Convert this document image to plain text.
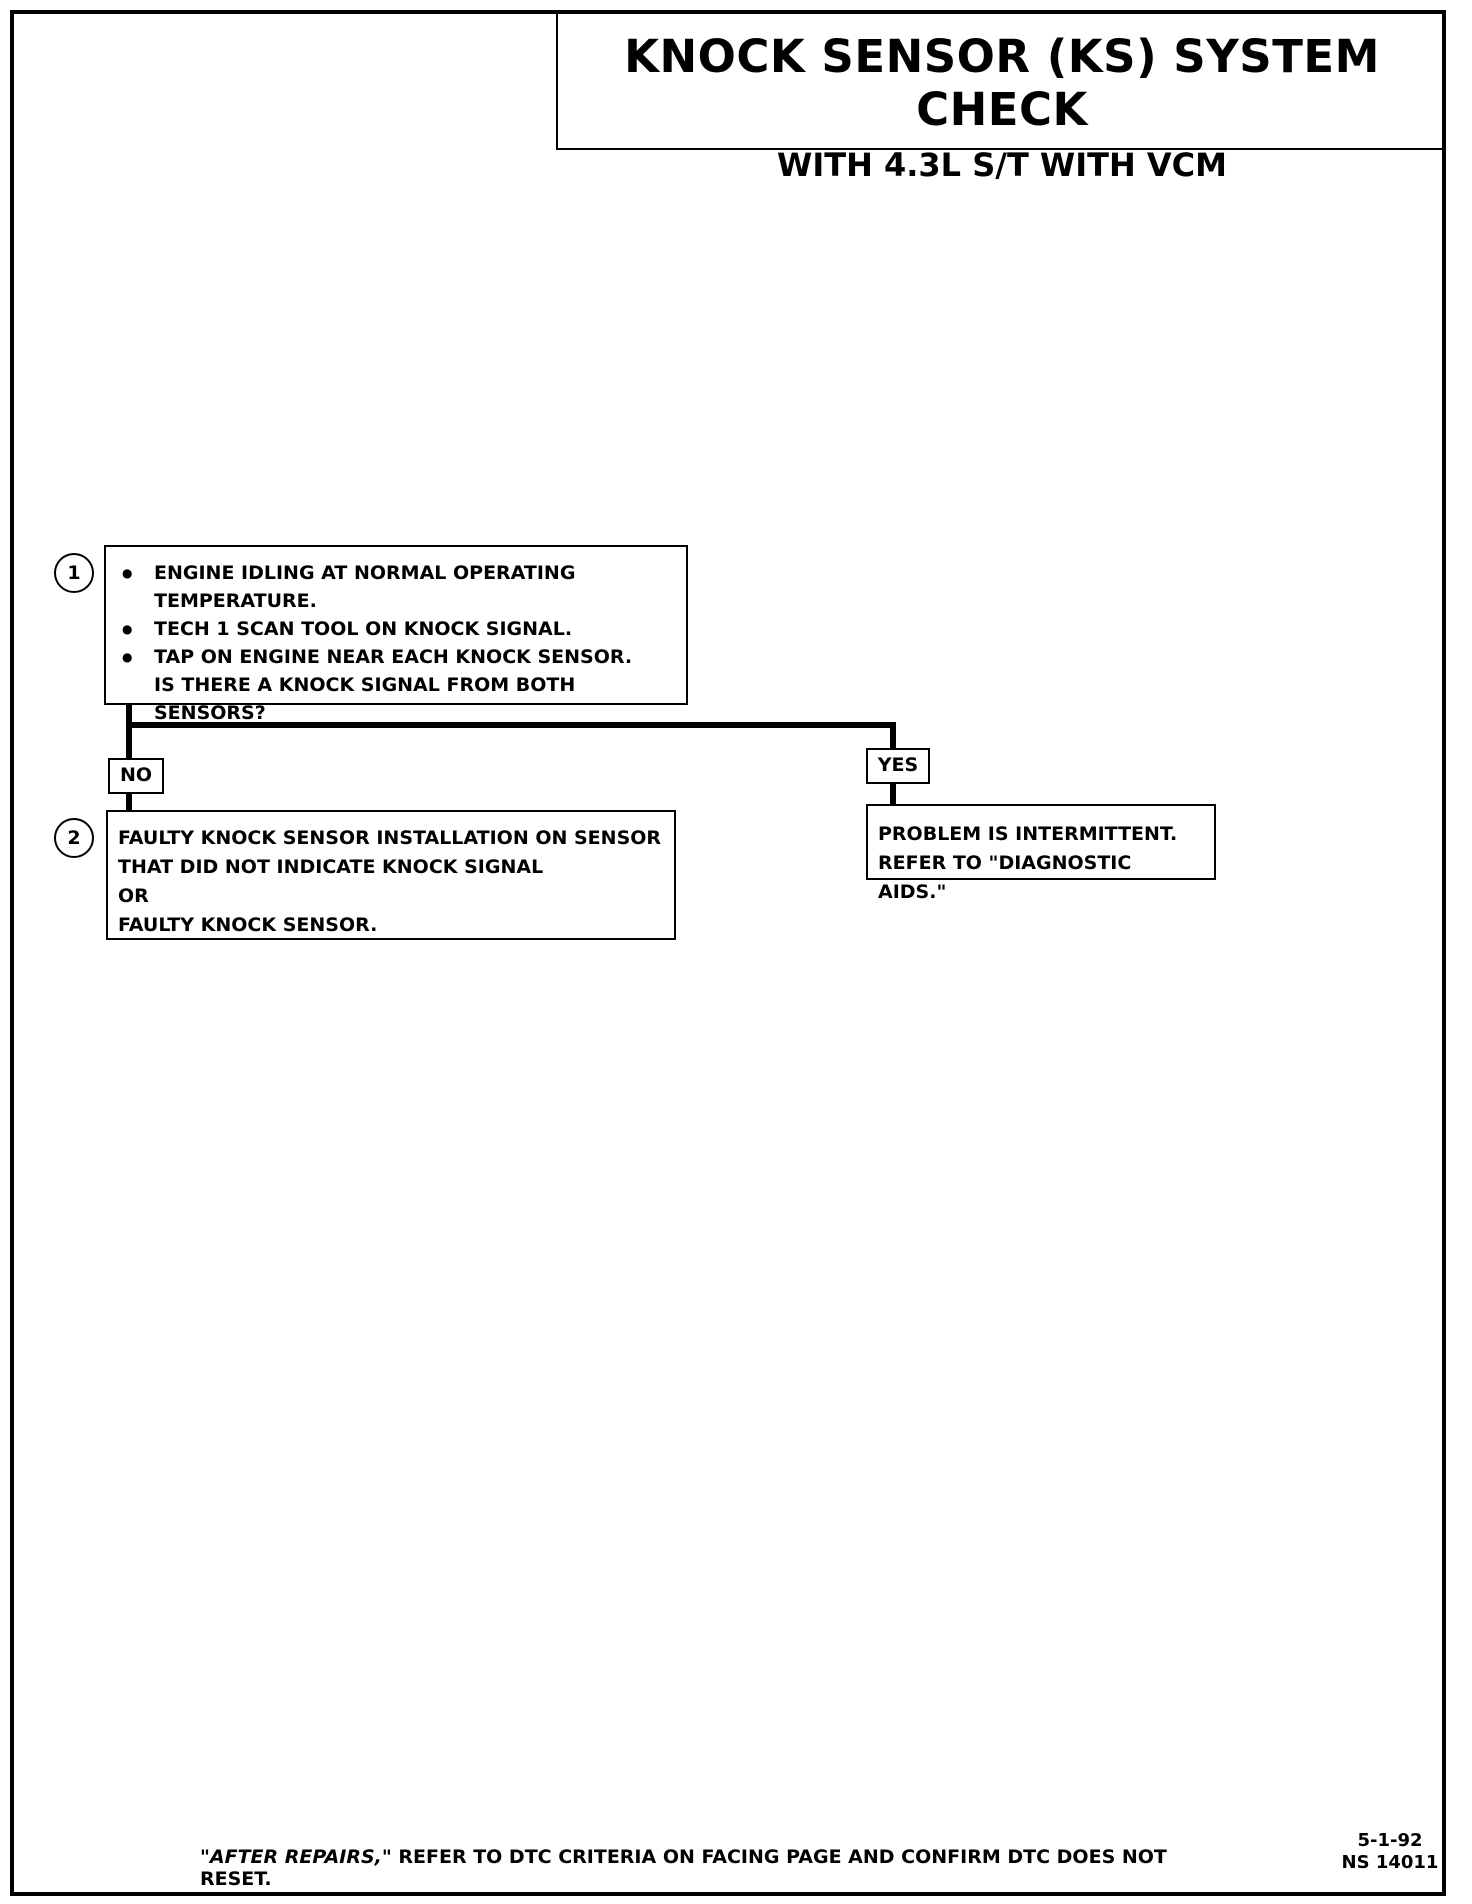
KNOCK SENSOR (KS) SYSTEM CHECK
WITH 4.3L S/T WITH VCM
1
●	ENGINE IDLING AT NORMAL OPERATING TEMPERATURE.
● TECH 1 SCAN TOOL ON KNOCK SIGNAL.
● TAP ON ENGINE NEAR EACH KNOCK SENSOR.
IS THERE A KNOCK SIGNAL FROM BOTH SENSORS?
NO	YES
2	FAULTY KNOCK SENSOR INSTALLATION ON SENSOR
THAT DID NOT INDICATE KNOCK SIGNAL
OR
FAULTY KNOCK SENSOR.
PROBLEM IS INTERMITTENT.
REFER TO "DIAGNOSTIC AIDS."
"AFTER REPAIRS," REFER TO DTC CRITERIA ON FACING PAGE AND CONFIRM DTC DOES NOT RESET.
5-1-92
NS 14011
